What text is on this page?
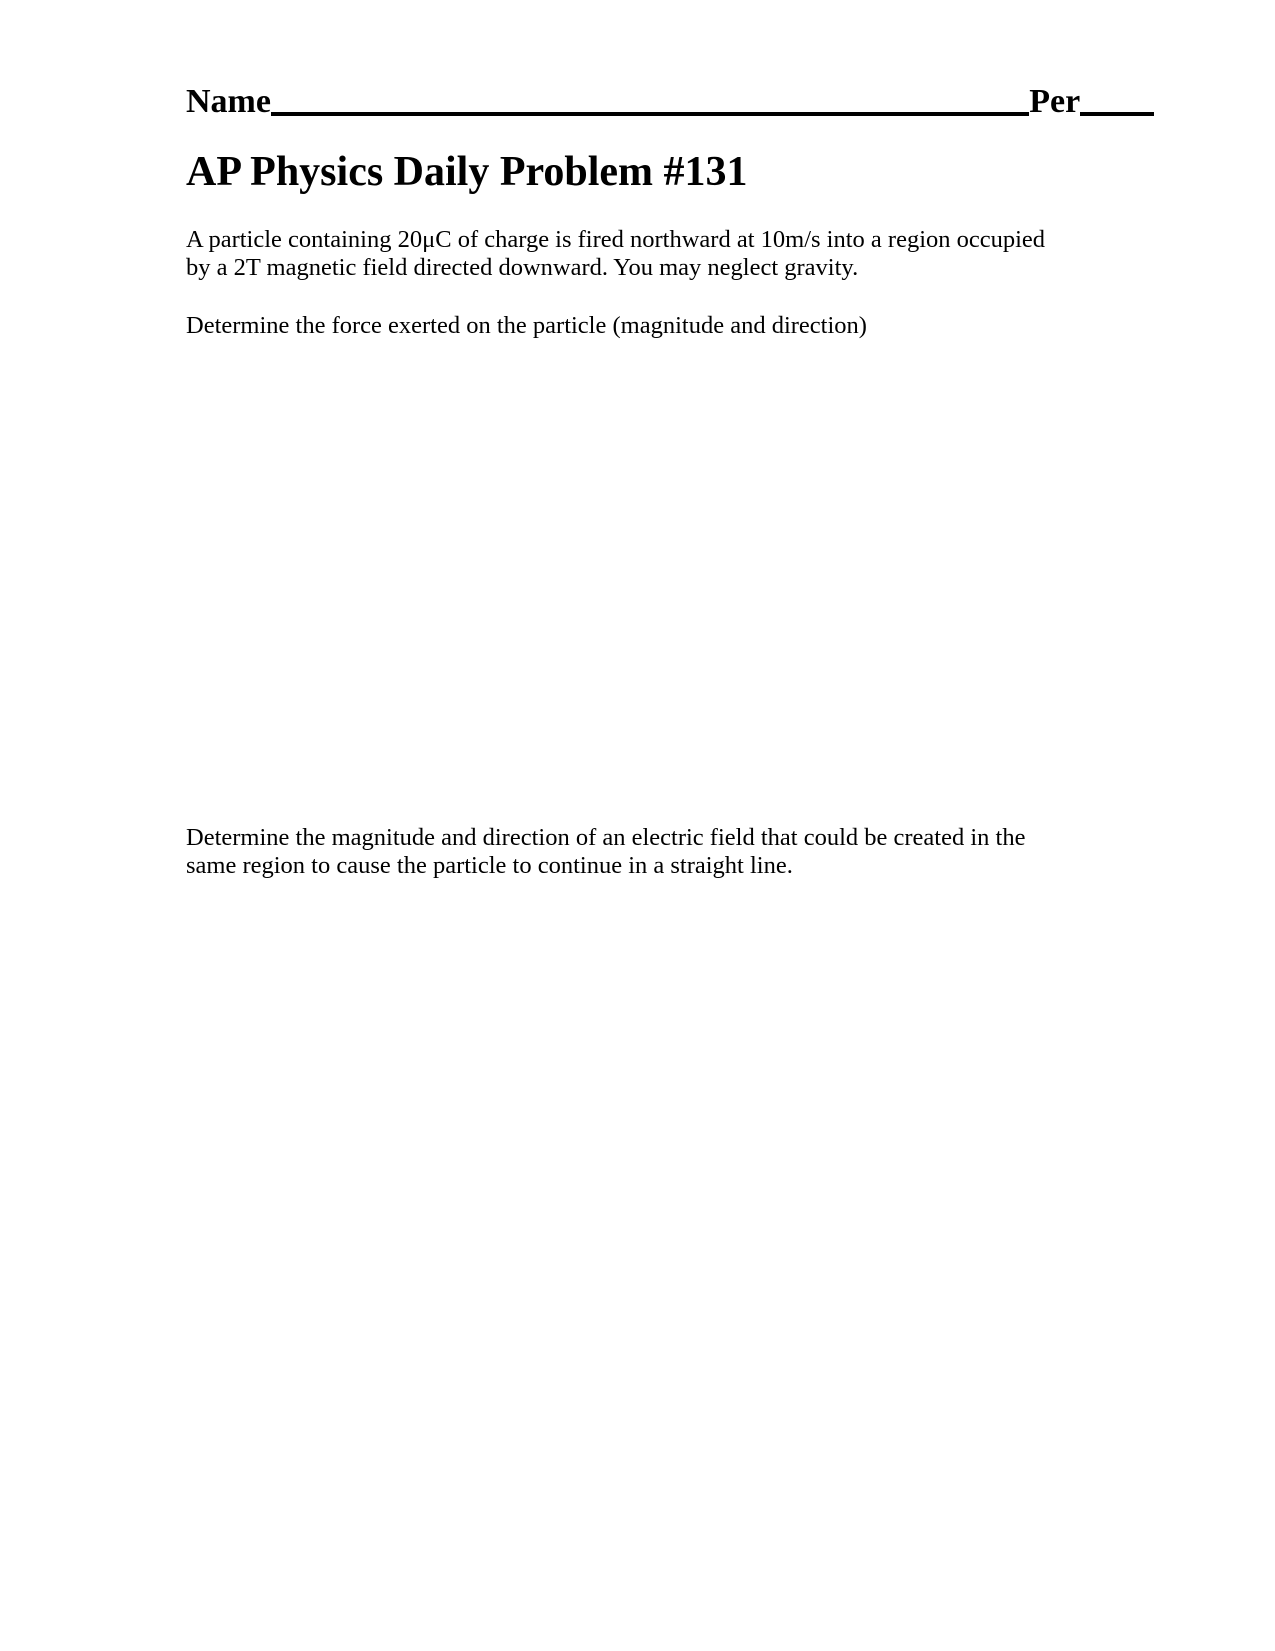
Name	Per
AP Physics Daily Problem #131

A particle containing 20μC of charge is fired northward at 10m/s into a region occupied
by a 2T magnetic field directed downward. You may neglect gravity.

Determine the force exerted on the particle (magnitude and direction)

Determine the magnitude and direction of an electric field that could be created in the
same region to cause the particle to continue in a straight line.
